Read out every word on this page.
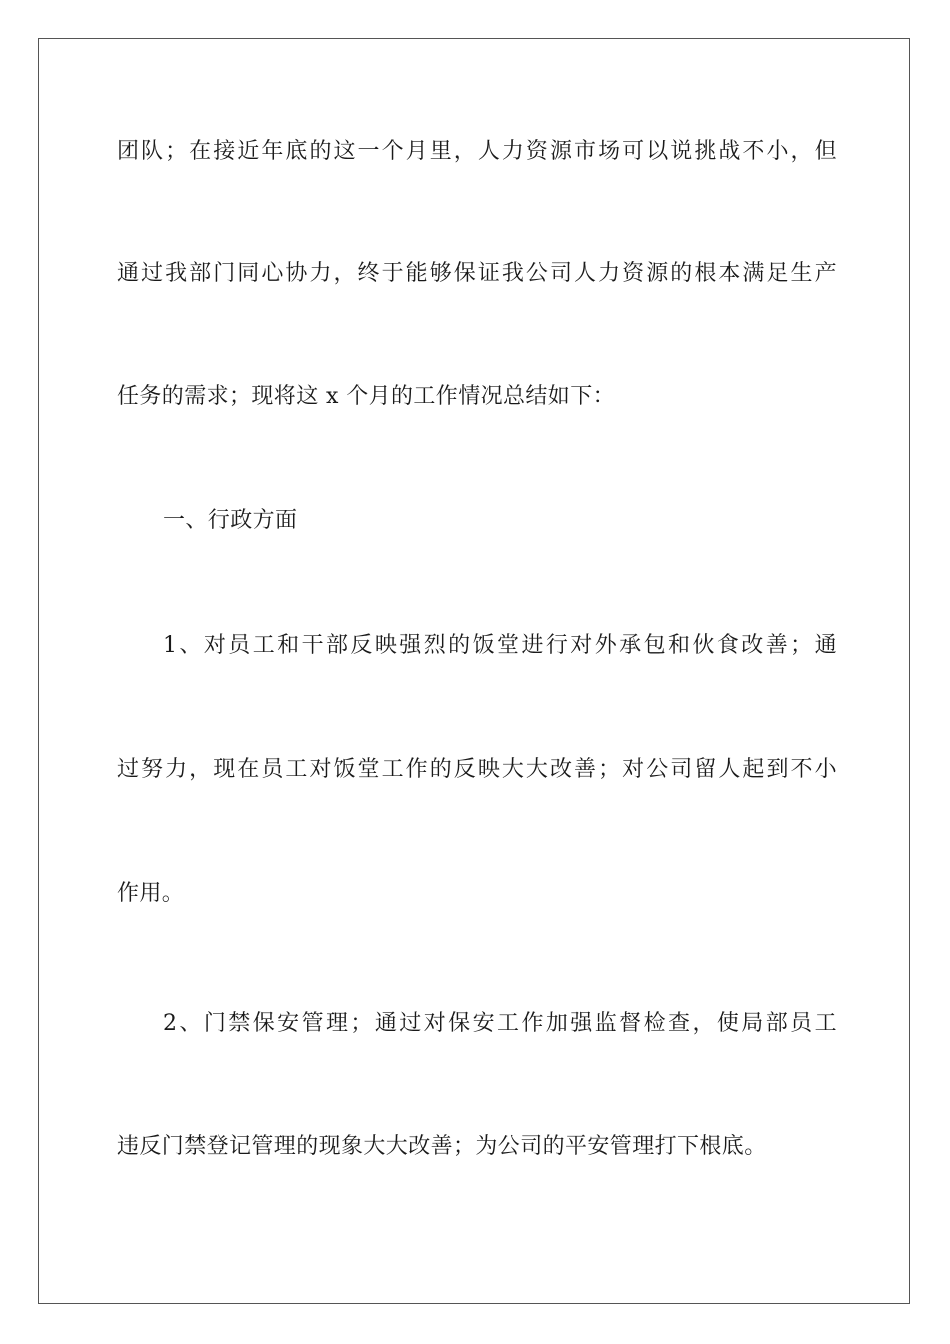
团队；在接近年底的这一个月里，人力资源市场可以说挑战不小，但
通过我部门同心协力，终于能够保证我公司人力资源的根本满足生产
任务的需求；现将这 x 个月的工作情况总结如下：
一、行政方面
1、对员工和干部反映强烈的饭堂进行对外承包和伙食改善；通
过努力，现在员工对饭堂工作的反映大大改善；对公司留人起到不小
作用。
2、门禁保安管理；通过对保安工作加强监督检查，使局部员工
违反门禁登记管理的现象大大改善；为公司的平安管理打下根底。
